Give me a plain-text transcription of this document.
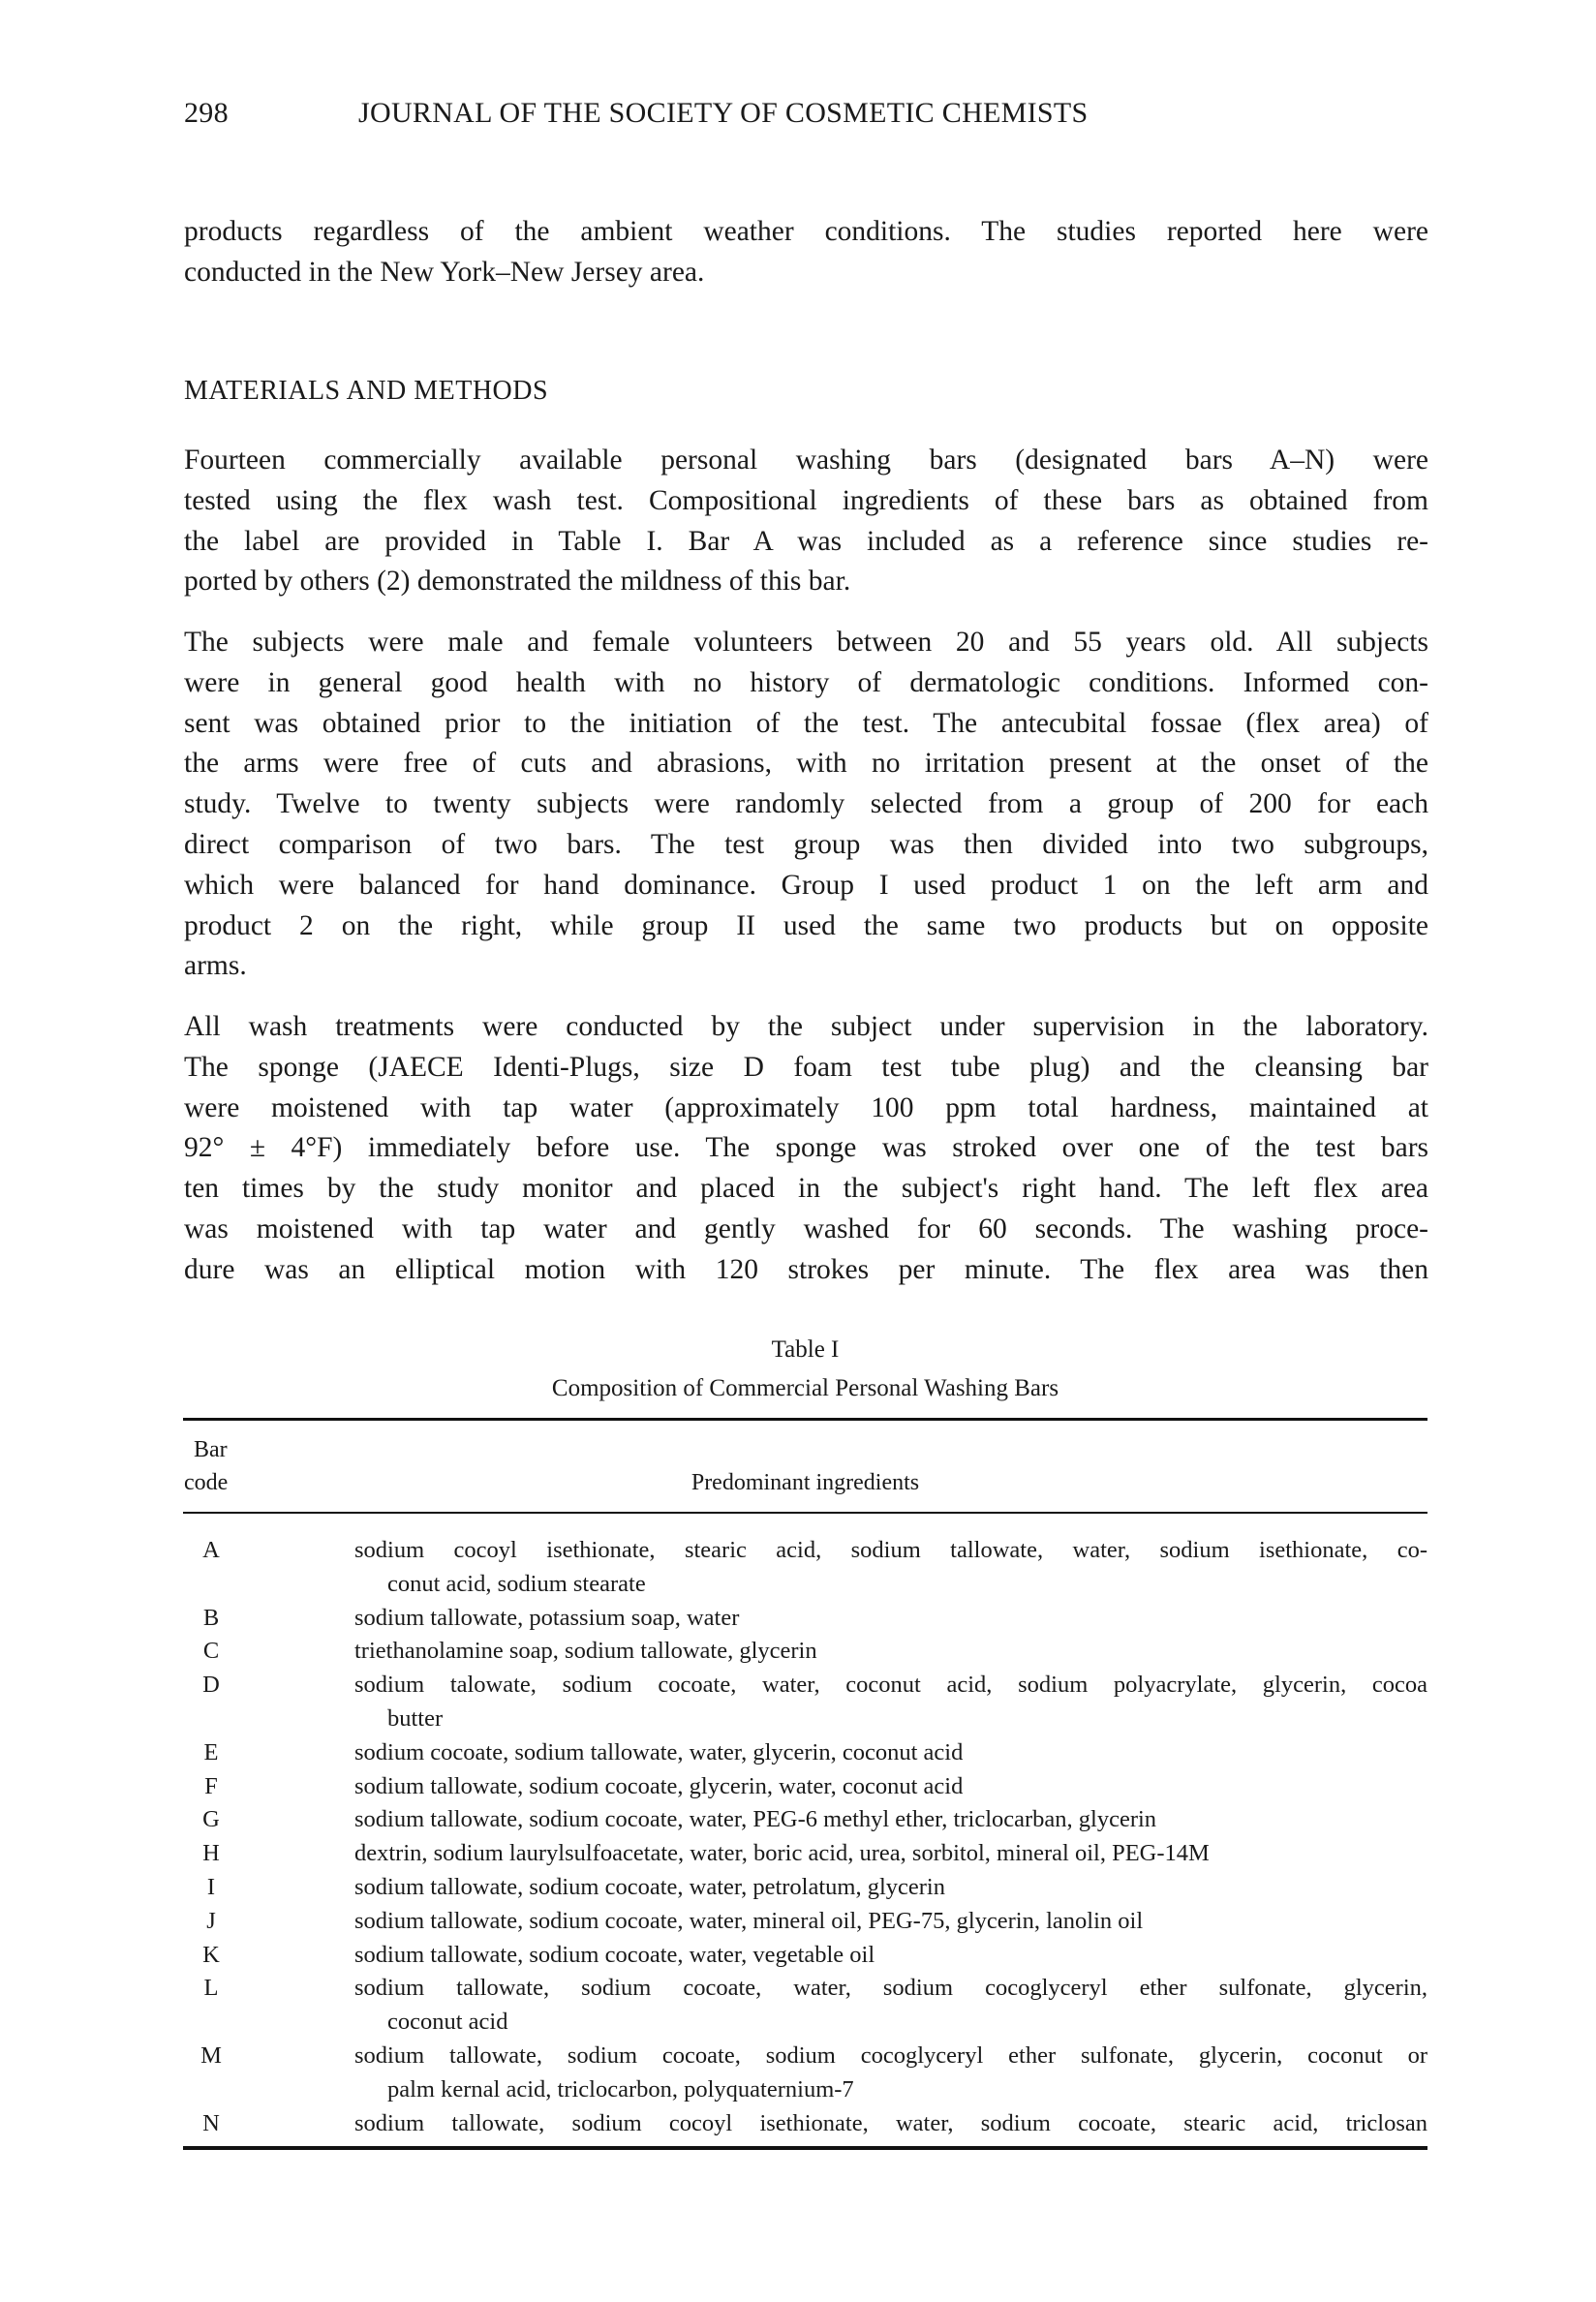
298	JOURNAL OF THE SOCIETY OF COSMETIC CHEMISTS
products regardless of the ambient weather conditions. The studies reported here were
conducted in the New York–New Jersey area.
MATERIALS AND METHODS
Fourteen commercially available personal washing bars (designated bars A–N) were
tested using the flex wash test. Compositional ingredients of these bars as obtained from
the label are provided in Table I. Bar A was included as a reference since studies re-
ported by others (2) demonstrated the mildness of this bar.
The subjects were male and female volunteers between 20 and 55 years old. All subjects
were in general good health with no history of dermatologic conditions. Informed con-
sent was obtained prior to the initiation of the test. The antecubital fossae (flex area) of
the arms were free of cuts and abrasions, with no irritation present at the onset of the
study. Twelve to twenty subjects were randomly selected from a group of 200 for each
direct comparison of two bars. The test group was then divided into two subgroups,
which were balanced for hand dominance. Group I used product 1 on the left arm and
product 2 on the right, while group II used the same two products but on opposite
arms.
All wash treatments were conducted by the subject under supervision in the laboratory.
The sponge (JAECE Identi-Plugs, size D foam test tube plug) and the cleansing bar
were moistened with tap water (approximately 100 ppm total hardness, maintained at
92° ± 4°F) immediately before use. The sponge was stroked over one of the test bars
ten times by the study monitor and placed in the subject's right hand. The left flex area
was moistened with tap water and gently washed for 60 seconds. The washing proce-
dure was an elliptical motion with 120 strokes per minute. The flex area was then
Table I
Composition of Commercial Personal Washing Bars
Bar
code	Predominant ingredients
A	sodium cocoyl isethionate, stearic acid, sodium tallowate, water, sodium isethionate, co-
conut acid, sodium stearate
B	sodium tallowate, potassium soap, water
C	triethanolamine soap, sodium tallowate, glycerin
D	sodium talowate, sodium cocoate, water, coconut acid, sodium polyacrylate, glycerin, cocoa
butter
E	sodium cocoate, sodium tallowate, water, glycerin, coconut acid
F	sodium tallowate, sodium cocoate, glycerin, water, coconut acid
G	sodium tallowate, sodium cocoate, water, PEG-6 methyl ether, triclocarban, glycerin
H	dextrin, sodium laurylsulfoacetate, water, boric acid, urea, sorbitol, mineral oil, PEG-14M
I	sodium tallowate, sodium cocoate, water, petrolatum, glycerin
J	sodium tallowate, sodium cocoate, water, mineral oil, PEG-75, glycerin, lanolin oil
K	sodium tallowate, sodium cocoate, water, vegetable oil
L	sodium tallowate, sodium cocoate, water, sodium cocoglyceryl ether sulfonate, glycerin,
coconut acid
M	sodium tallowate, sodium cocoate, sodium cocoglyceryl ether sulfonate, glycerin, coconut or
palm kernal acid, triclocarbon, polyquaternium-7
N	sodium tallowate, sodium cocoyl isethionate, water, sodium cocoate, stearic acid, triclosan
